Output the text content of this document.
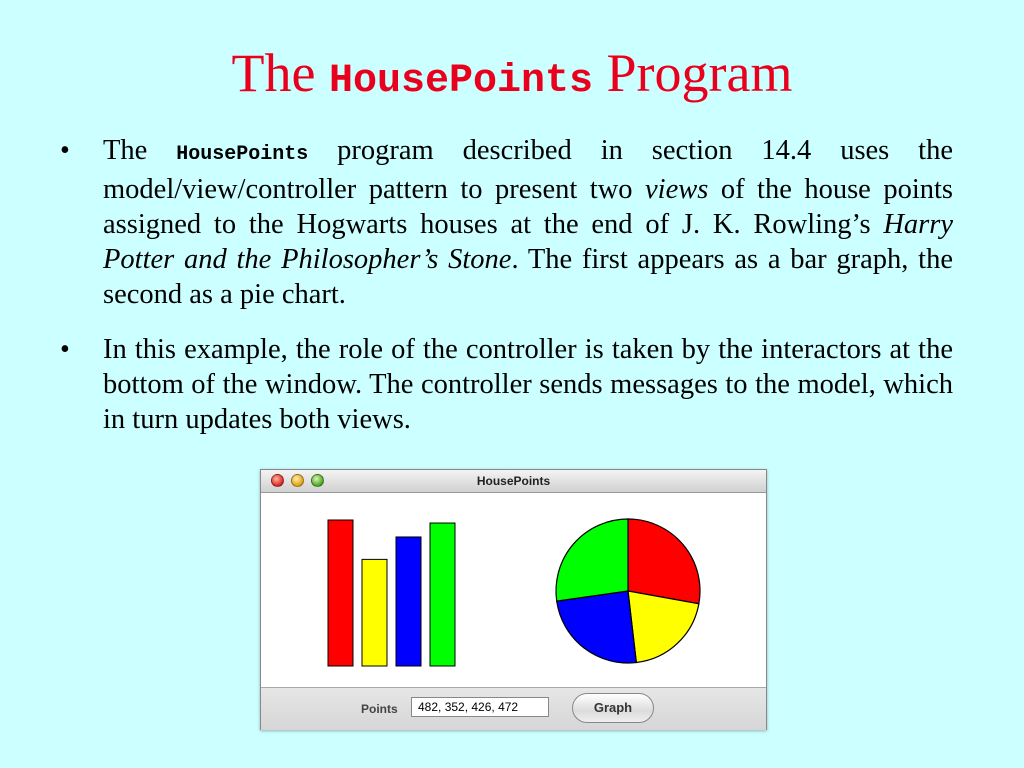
The HousePoints Program
• The HousePoints program described in section 14.4 uses the model/view/controller pattern to present two views of the house points assigned to the Hogwarts houses at the end of J. K. Rowling’s Harry Potter and the Philosopher’s Stone. The first appears as a bar graph, the second as a pie chart.
• In this example, the role of the controller is taken by the interactors at the bottom of the window. The controller sends messages to the model, which in turn updates both views.
HousePoints
Points	482, 352, 426, 472	Graph
